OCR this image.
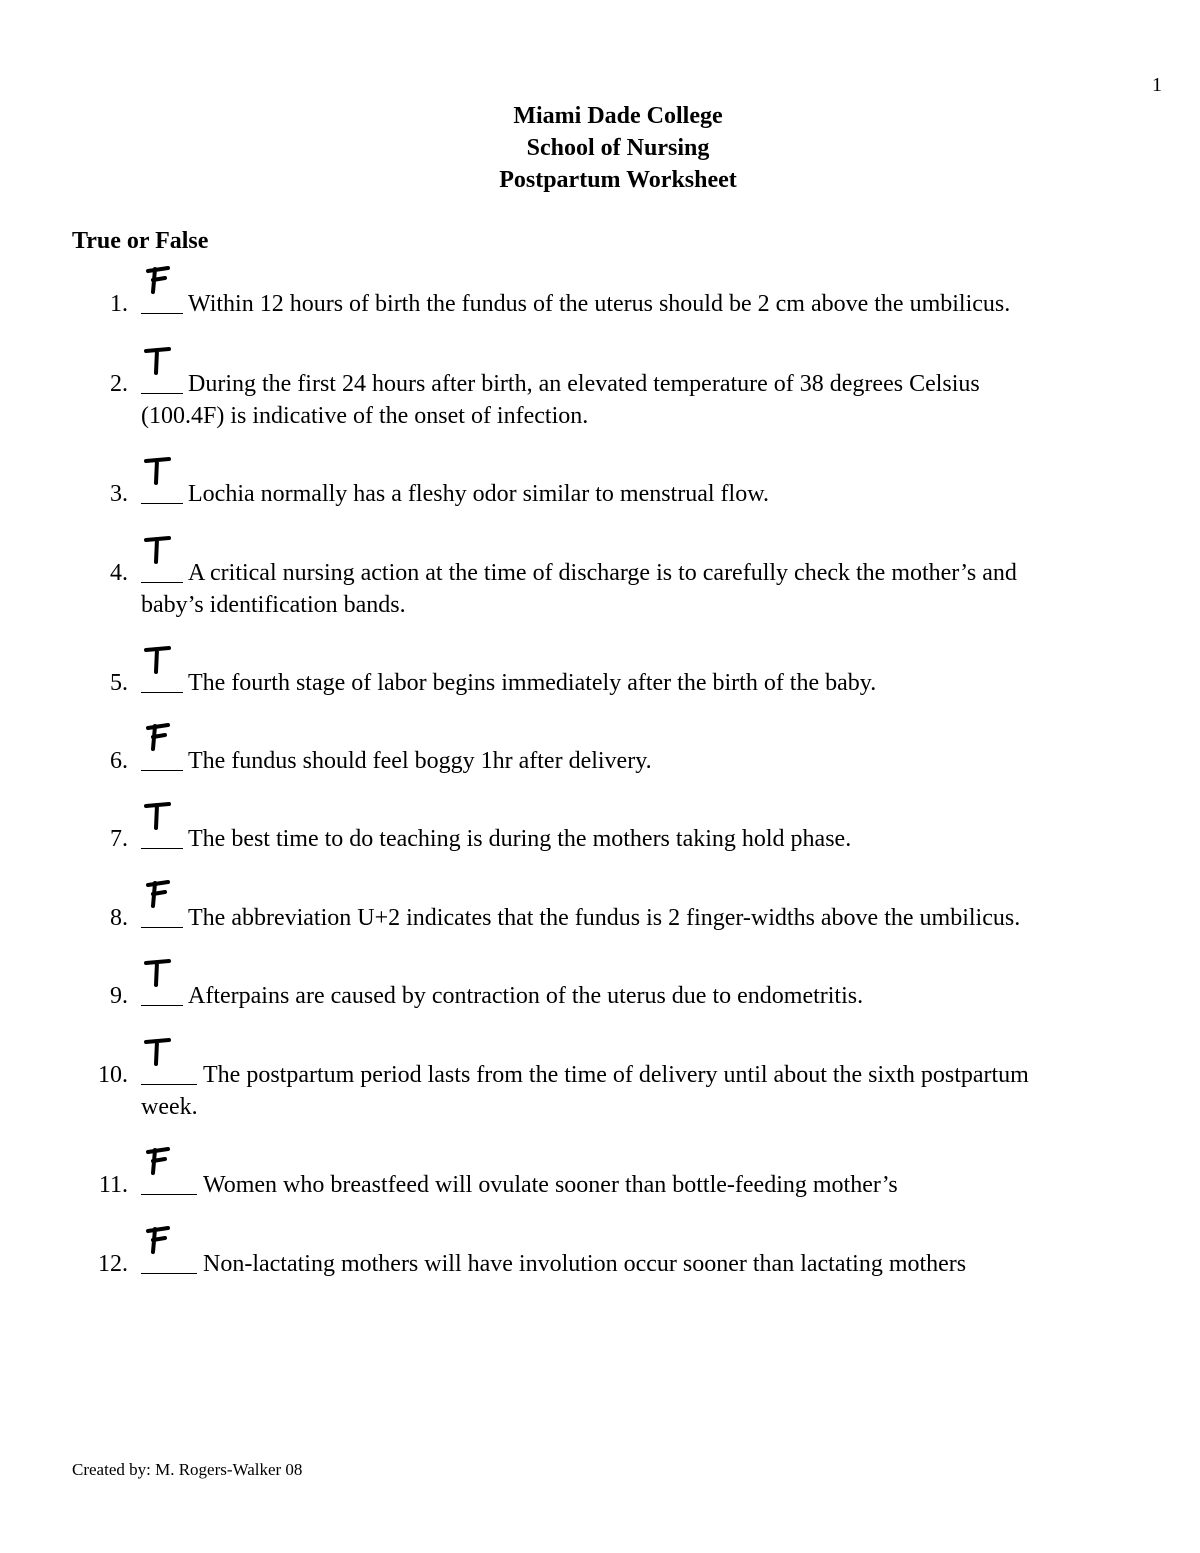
1
Miami Dade College
School of Nursing
Postpartum Worksheet
True or False
1.	Within 12 hours of birth the fundus of the uterus should be 2 cm above the umbilicus.
2.	During the first 24 hours after birth, an elevated temperature of 38 degrees Celsius
(100.4F) is indicative of the onset of infection.
3.	Lochia normally has a fleshy odor similar to menstrual flow.
4.	A critical nursing action at the time of discharge is to carefully check the mother’s and
baby’s identification bands.
5.	The fourth stage of labor begins immediately after the birth of the baby.
6.	The fundus should feel boggy 1hr after delivery.
7.	The best time to do teaching is during the mothers taking hold phase.
8.	The abbreviation U+2 indicates that the fundus is 2 finger-widths above the umbilicus.
9.	Afterpains are caused by contraction of the uterus due to endometritis.
10.	The postpartum period lasts from the time of delivery until about the sixth postpartum
week.
11.	Women who breastfeed will ovulate sooner than bottle-feeding mother’s
12.	Non-lactating mothers will have involution occur sooner than lactating mothers
Created by: M. Rogers-Walker 08
